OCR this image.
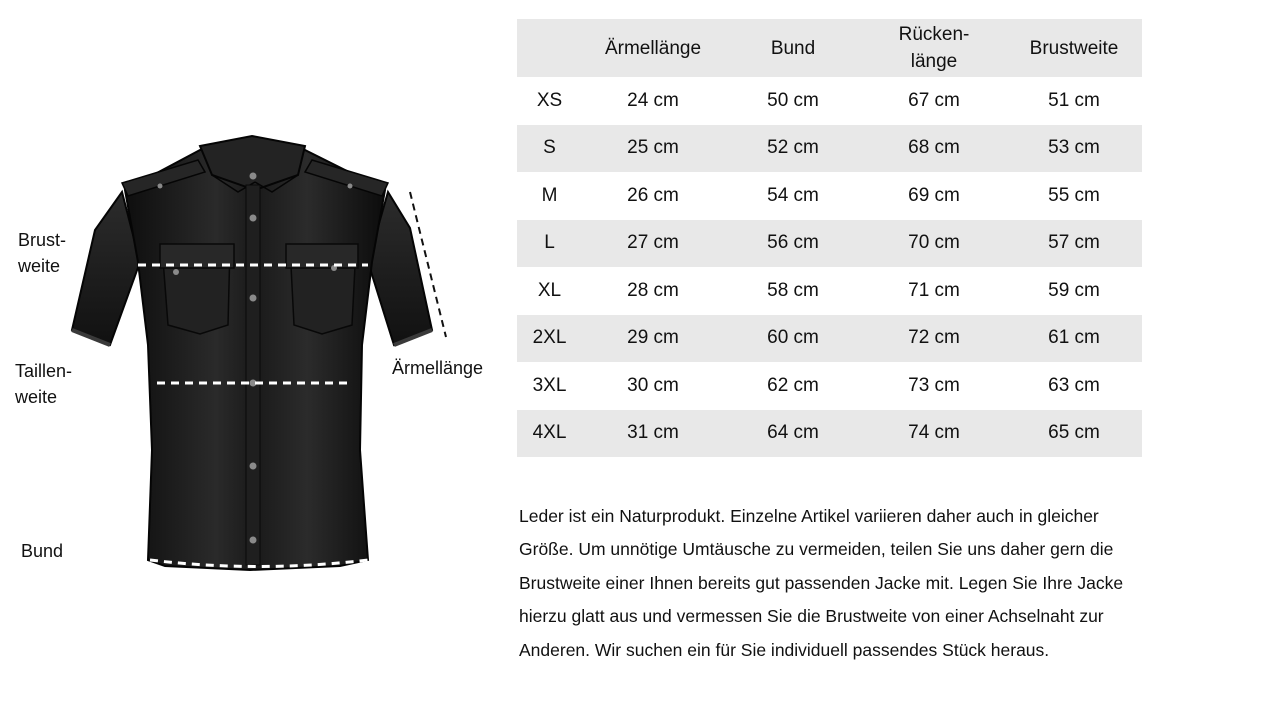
Brust-
weite
Taillen-
weite
Bund
Ärmellänge
	Ärmellänge	Bund	Rücken-
länge	Brustweite
XS	24 cm	50 cm	67 cm	51 cm
S	25 cm	52 cm	68 cm	53 cm
M	26 cm	54 cm	69 cm	55 cm
L	27 cm	56 cm	70 cm	57 cm
XL	28 cm	58 cm	71 cm	59 cm
2XL	29 cm	60 cm	72 cm	61 cm
3XL	30 cm	62 cm	73 cm	63 cm
4XL	31 cm	64 cm	74 cm	65 cm

Leder ist ein Naturprodukt. Einzelne Artikel variieren daher auch in gleicher Größe. Um unnötige Umtäusche zu vermeiden, teilen Sie uns daher gern die Brustweite einer Ihnen bereits gut passenden Jacke mit. Legen Sie Ihre Jacke hierzu glatt aus und vermessen Sie die Brustweite von einer Achselnaht zur Anderen. Wir suchen ein für Sie individuell passendes Stück heraus.
